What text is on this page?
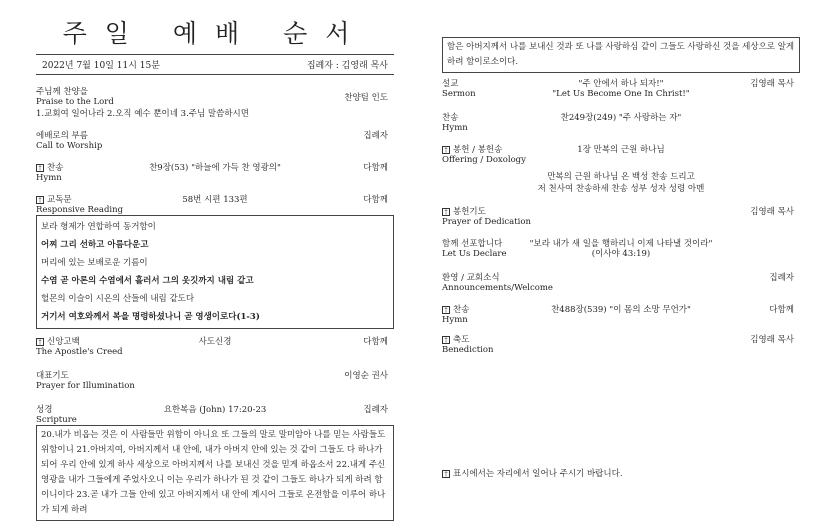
주일 예배 순서
2022년 7월 10일 11시 15분	집례자 : 김영래 목사
주님께 찬양을
Praise to the Lord	찬양팀 인도
1.교회여 일어나라 2.오직 예수 뿐이네 3.주님 말씀하시면
에배로의 부름
Call to Worship
집례자
† 찬송
Hymn
찬9장(53) "하늘에 가득 찬 영광의"	다함께
† 교독문
Responsive Reading
58번 시편 133편	다함께
보라 형제가 연합하여 동거함이
어찌 그리 선하고 아름다운고
머리에 있는 보배로운 기름이
수염 곧 아론의 수염에서 흘러서 그의 옷깃까지 내림 같고
헐몬의 이슬이 시온의 산들에 내림 같도다
거기서 여호와께서 복을 명령하셨나니 곧 영생이로다(1-3)
† 신앙고백
The Apostle's Creed
사도신경	다함께
대표기도
Prayer for Illumination
이영순 권사
성경
Scripture
요한복음 (John) 17:20-23	집례자
20.내가 비옵는 것은 이 사람들만 위함이 아니요 또 그들의 말로 말미암아 나를 믿는 사람들도 위함이니 21.아버지여, 아버지께서 내 안에, 내가 아버지 안에 있는 것 같이 그들도 다 하나가 되어 우리 안에 있게 하사 세상으로 아버지께서 나를 보내신 것을 믿게 하옵소서 22.내게 주신 영광을 내가 그들에게 주었사오니 이는 우리가 하나가 된 것 같이 그들도 하나가 되게 하려 함이니이다 23.곧 내가 그들 안에 있고 아버지께서 내 안에 계시어 그들로 온전함을 이루어 하나가 되게 하려
함은 아버지께서 나를 보내신 것과 또 나를 사랑하심 같이 그들도 사랑하신 것을 세상으로 알게 하려 함이로소이다.
설교
Sermon
"주 안에서 하나 되자!"
"Let Us Become One In Christ!"
김영래 목사
찬송
Hymn
찬249장(249) "주 사랑하는 자"
† 봉헌 / 봉헌송
Offering / Doxology
1장 만복의 근원 하나님
만복의 근원 하나님 온 백성 찬송 드리고
저 천사여 찬송하세 찬송 성부 성자 성령 아멘
† 봉헌기도
Prayer of Dedication
김영래 목사
함께 선포합니다
Let Us Declare
"보라 내가 새 일을 행하리니 이제 나타낼 것이라"
(이사야 43:19)
환영 / 교회소식
Announcements/Welcome
집례자
† 찬송
Hymn
찬488장(539) "이 몸의 소망 무언가"	다함께
† 축도
Benediction
김영래 목사
† 표시에서는 자리에서 일어나 주시기 바랍니다.
